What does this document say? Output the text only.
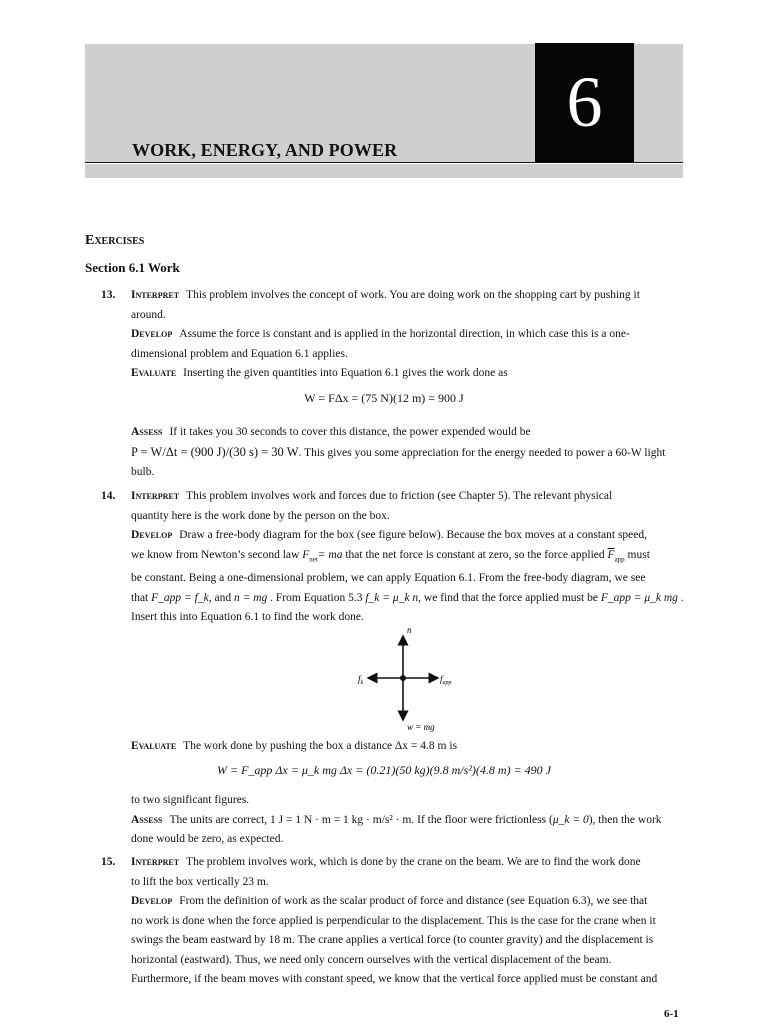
6
WORK, ENERGY, AND POWER
Exercises
Section 6.1 Work
13. Interpret This problem involves the concept of work. You are doing work on the shopping cart by pushing it
around.
Develop Assume the force is constant and is applied in the horizontal direction, in which case this is a one-
dimensional problem and Equation 6.1 applies.
Evaluate Inserting the given quantities into Equation 6.1 gives the work done as
W = FΔx = (75 N)(12 m) = 900 J
Assess If it takes you 30 seconds to cover this distance, the power expended would be
P = W/Δt = (900 J)/(30 s) = 30 W. This gives you some appreciation for the energy needed to power a 60-W light
bulb.
14. Interpret This problem involves work and forces due to friction (see Chapter 5). The relevant physical
quantity here is the work done by the person on the box.
Develop Draw a free-body diagram for the box (see figure below). Because the box moves at a constant speed,
we know from Newton’s second law $F_{net}=$ ma that the net force is constant at zero, so the force applied $\overline{F}_{app}$ must
be constant. Being a one-dimensional problem, we can apply Equation 6.1. From the free-body diagram, we see
that F_app = f_k, and n = mg . From Equation 5.3 f_k = μ_k n, we find that the force applied must be F_app = μ_k mg .
Insert this into Equation 6.1 to find the work done.
n
$f_k$	$f_{app}$
w = mg
Evaluate The work done by pushing the box a distance Δx = 4.8 m is
W = F_app Δx = μ_k mg Δx = (0.21)(50 kg)(9.8 m/s²)(4.8 m) = 490 J
to two significant figures.
Assess The units are correct, 1 J = 1 N · m = 1 kg · m/s² · m. If the floor were frictionless (μ_k = 0), then the work
done would be zero, as expected.
15. Interpret The problem involves work, which is done by the crane on the beam. We are to find the work done
to lift the box vertically 23 m.
Develop From the definition of work as the scalar product of force and distance (see Equation 6.3), we see that
no work is done when the force applied is perpendicular to the displacement. This is the case for the crane when it
swings the beam eastward by 18 m. The crane applies a vertical force (to counter gravity) and the displacement is
horizontal (eastward). Thus, we need only concern ourselves with the vertical displacement of the beam.
Furthermore, if the beam moves with constant speed, we know that the vertical force applied must be constant and
6-1
